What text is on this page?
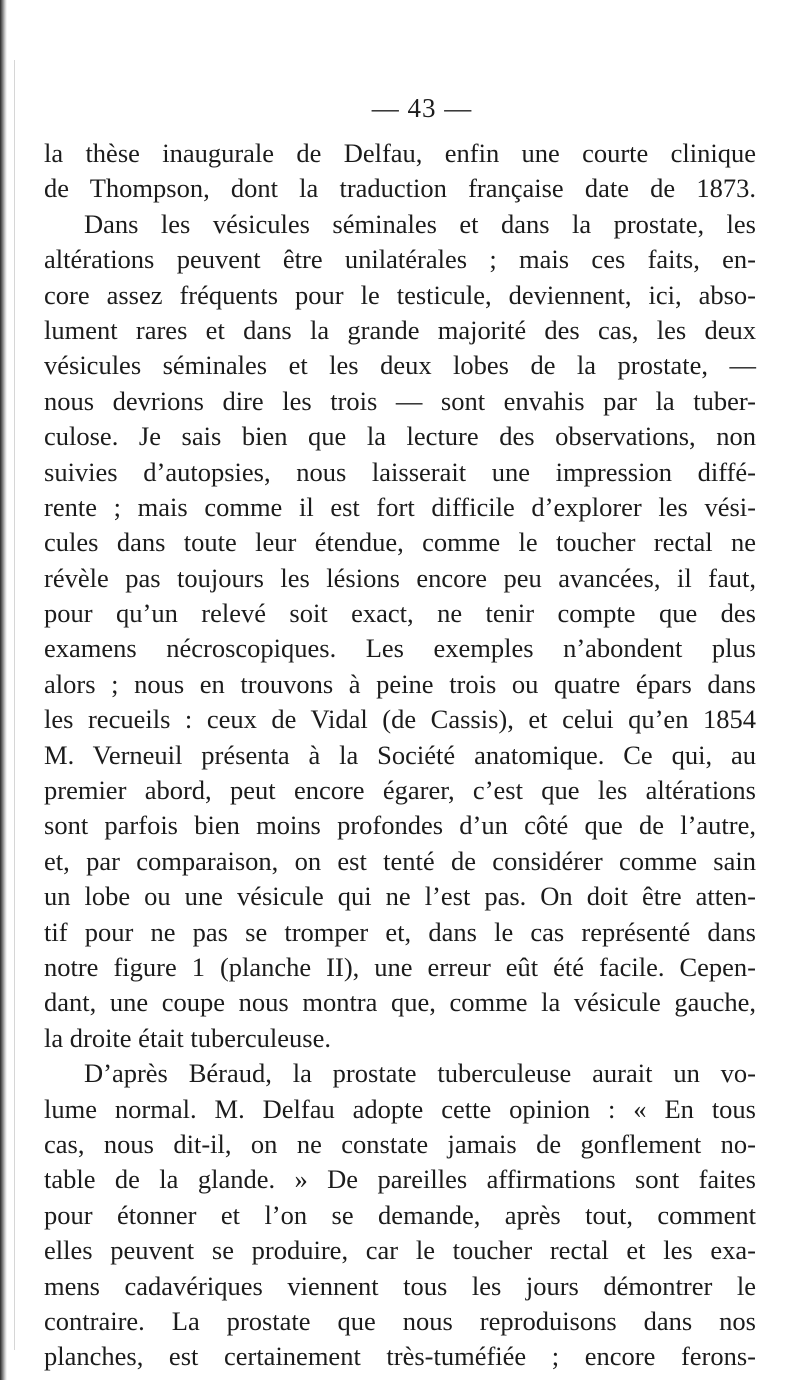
— 43 —
la thèse inaugurale de Delfau, enfin une courte clinique
de Thompson, dont la traduction française date de 1873.
Dans les vésicules séminales et dans la prostate, les
altérations peuvent être unilatérales ; mais ces faits, en-
core assez fréquents pour le testicule, deviennent, ici, abso-
lument rares et dans la grande majorité des cas, les deux
vésicules séminales et les deux lobes de la prostate, —
nous devrions dire les trois — sont envahis par la tuber-
culose. Je sais bien que la lecture des observations, non
suivies d’autopsies, nous laisserait une impression diffé-
rente ; mais comme il est fort difficile d’explorer les vési-
cules dans toute leur étendue, comme le toucher rectal ne
révèle pas toujours les lésions encore peu avancées, il faut,
pour qu’un relevé soit exact, ne tenir compte que des
examens nécroscopiques. Les exemples n’abondent plus
alors ; nous en trouvons à peine trois ou quatre épars dans
les recueils : ceux de Vidal (de Cassis), et celui qu’en 1854
M. Verneuil présenta à la Société anatomique. Ce qui, au
premier abord, peut encore égarer, c’est que les altérations
sont parfois bien moins profondes d’un côté que de l’autre,
et, par comparaison, on est tenté de considérer comme sain
un lobe ou une vésicule qui ne l’est pas. On doit être atten-
tif pour ne pas se tromper et, dans le cas représenté dans
notre figure 1 (planche II), une erreur eût été facile. Cepen-
dant, une coupe nous montra que, comme la vésicule gauche,
la droite était tuberculeuse.
D’après Béraud, la prostate tuberculeuse aurait un vo-
lume normal. M. Delfau adopte cette opinion : « En tous
cas, nous dit-il, on ne constate jamais de gonflement no-
table de la glande. » De pareilles affirmations sont faites
pour étonner et l’on se demande, après tout, comment
elles peuvent se produire, car le toucher rectal et les exa-
mens cadavériques viennent tous les jours démontrer le
contraire. La prostate que nous reproduisons dans nos
planches, est certainement très-tuméfiée ; encore ferons-
